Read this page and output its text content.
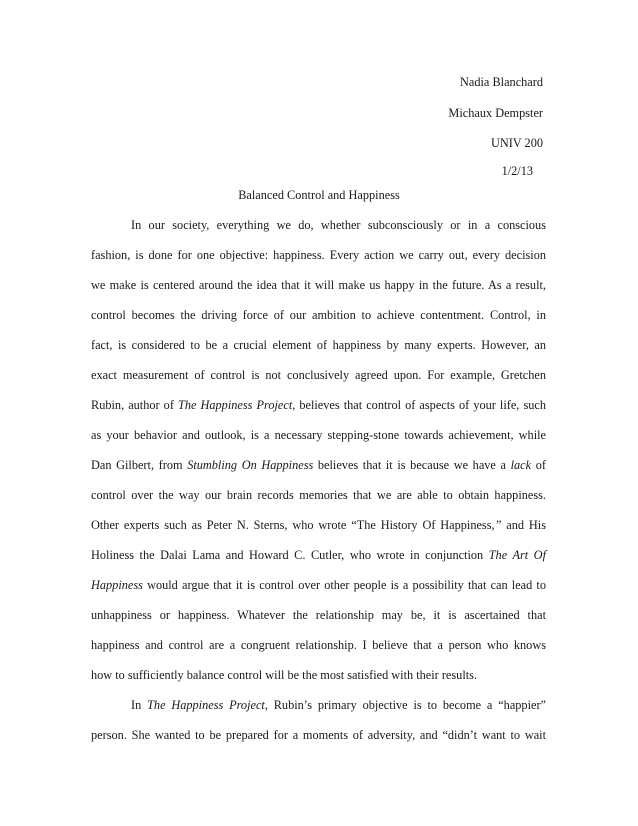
Nadia Blanchard
Michaux Dempster
UNIV 200
1/2/13
Balanced Control and Happiness
In our society, everything we do, whether subconsciously or in a conscious
fashion, is done for one objective: happiness. Every action we carry out, every decision
we make is centered around the idea that it will make us happy in the future. As a result,
control becomes the driving force of our ambition to achieve contentment. Control, in
fact, is considered to be a crucial element of happiness by many experts. However, an
exact measurement of control is not conclusively agreed upon. For example, Gretchen
Rubin, author of The Happiness Project, believes that control of aspects of your life, such
as your behavior and outlook, is a necessary stepping-stone towards achievement, while
Dan Gilbert, from Stumbling On Happiness believes that it is because we have a lack of
control over the way our brain records memories that we are able to obtain happiness.
Other experts such as Peter N. Sterns, who wrote “The History Of Happiness,” and His
Holiness the Dalai Lama and Howard C. Cutler, who wrote in conjunction The Art Of
Happiness would argue that it is control over other people is a possibility that can lead to
unhappiness or happiness. Whatever the relationship may be, it is ascertained that
happiness and control are a congruent relationship. I believe that a person who knows
how to sufficiently balance control will be the most satisfied with their results.
In The Happiness Project, Rubin’s primary objective is to become a “happier”
person. She wanted to be prepared for a moments of adversity, and “didn’t want to wait
